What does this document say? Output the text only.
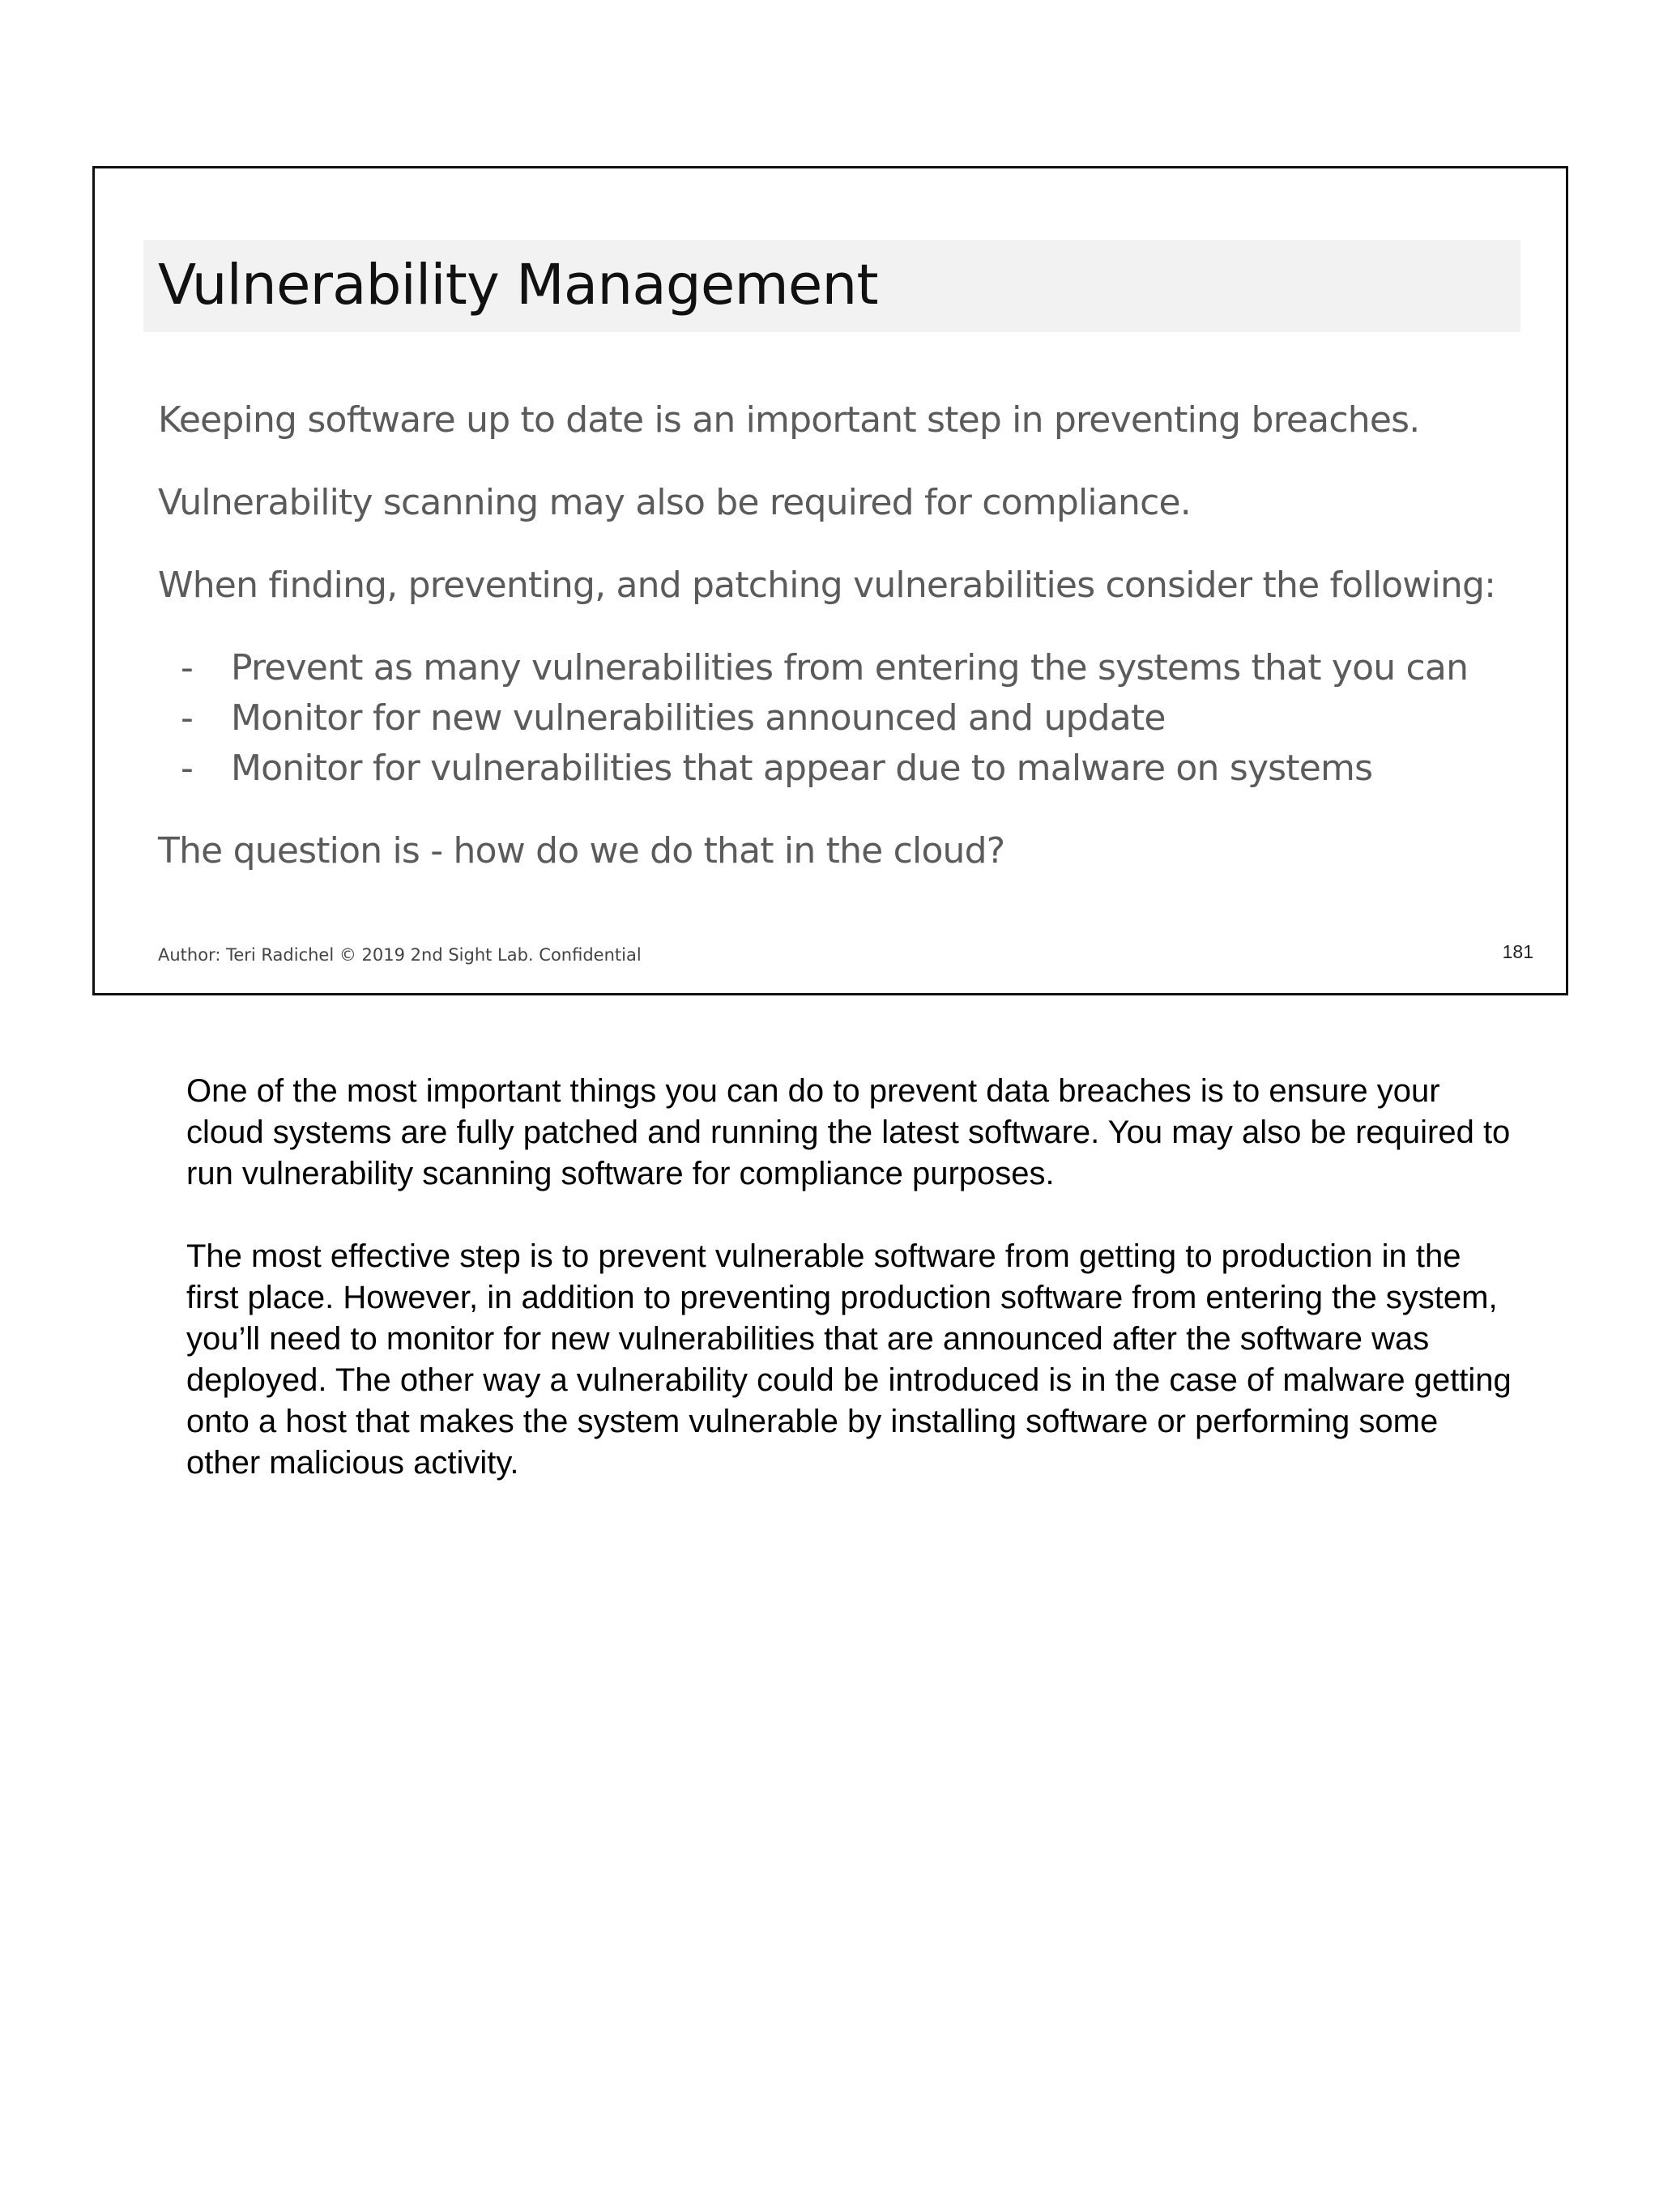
Vulnerability Management

Keeping software up to date is an important step in preventing breaches.

Vulnerability scanning may also be required for compliance.

When finding, preventing, and patching vulnerabilities consider the following:

- Prevent as many vulnerabilities from entering the systems that you can
- Monitor for new vulnerabilities announced and update
- Monitor for vulnerabilities that appear due to malware on systems

The question is - how do we do that in the cloud?

Author: Teri Radichel © 2019 2nd Sight Lab. Confidential	181

One of the most important things you can do to prevent data breaches is to ensure your cloud systems are fully patched and running the latest software. You may also be required to run vulnerability scanning software for compliance purposes.

The most effective step is to prevent vulnerable software from getting to production in the first place. However, in addition to preventing production software from entering the system, you’ll need to monitor for new vulnerabilities that are announced after the software was deployed. The other way a vulnerability could be introduced is in the case of malware getting onto a host that makes the system vulnerable by installing software or performing some other malicious activity.
